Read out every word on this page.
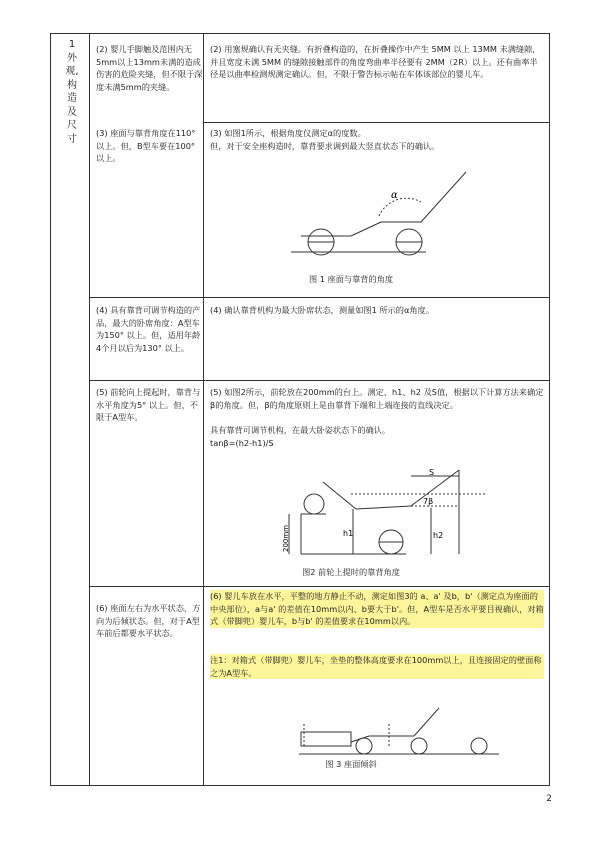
1外观,构造及尺寸
(2) 婴儿手脚触及范围内无5mm以上13mm未满的造成伤害的危险夹缝，但不限于深度未满5mm的夹缝。
(2) 用塞规确认有无夹缝。有折叠构造的，在折叠操作中产生 5MM 以上 13MM 未满缝隙，并且宽度未满 5MM 的缝隙接触部件的角度弯曲率半径要有 2MM（2R）以上。还有曲率半径是以曲率检测规测定确认。但，不限于警告标示帖在车体该部位的婴儿车。
(3) 座面与靠背角度在110° 以上。但，B型车要在100° 以上。
(3) 如图1所示，根据角度仪测定α的度数。
但，对于安全座构造时，靠背要求调到最大竖直状态下的确认。
α
图 1 座面与靠背的角度
(4) 具有靠背可调节构造的产品，最大的卧席角度：A型车为150° 以上。但，适用年龄4个月以后为130° 以上。
(4) 确认靠背机构为最大卧席状态，测量如图1 所示的α角度。
(5) 前轮向上提起时，靠背与水平角度为5° 以上。但，不限于A型车。
(5) 如图2所示，前轮放在200mm的台上。测定、h1、h2 及S值，根据以下计算方法来确定β的角度。但，β的角度原则上是由靠背下端和上端连接的直线决定。
具有靠背可调节机构，在最大卧姿状态下的确认。
tanβ=(h2-h1)/S
S
7β
h1	h2
200mm
图2 前轮上提时的靠背角度
(6) 座面左右为水平状态，方向为后倾状态。但，对于A型车前后都要水平状态。
(6) 婴儿车放在水平，平整的地方静止不动，测定如图3的 a、a' 及b，b'（测定点为座面的中央部位），a与a' 的差值在10mm以内、b要大于b'。但，A型车是否水平要目视确认，对箱式（带脚兜）婴儿车，b与b' 的差值要求在10mm以内。
注1：对箱式（带脚兜）婴儿车，坐垫的整体高度要求在100mm以上，且连接固定的壁面称之为A型车。
图 3 座面倾斜
2
